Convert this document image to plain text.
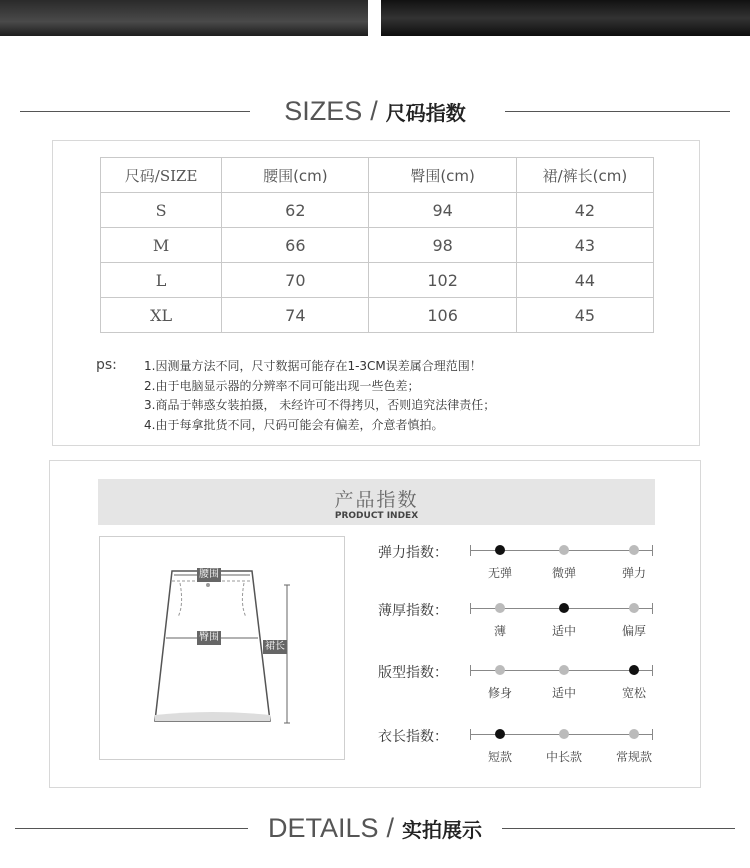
SIZES / 尺码指数
尺码/SIZE	腰围(cm)	臀围(cm)	裙/裤长(cm)
S	62	94	42
M	66	98	43
L	70	102	44
XL	74	106	45
ps: 1.因测量方法不同，尺寸数据可能存在1-3CM误差属合理范围！
2.由于电脑显示器的分辨率不同可能出现一些色差；
3.商品于韩惑女装拍摄， 未经许可不得拷贝，否则追究法律责任；
4.由于每拿批货不同，尺码可能会有偏差，介意者慎拍。
产品指数
PRODUCT INDEX
腰围
臀围
裙长
弹力指数：
无弹	微弹	弹力
薄厚指数：
薄	适中	偏厚
版型指数：
修身	适中	宽松
衣长指数：
短款	中长款	常规款
DETAILS / 实拍展示
